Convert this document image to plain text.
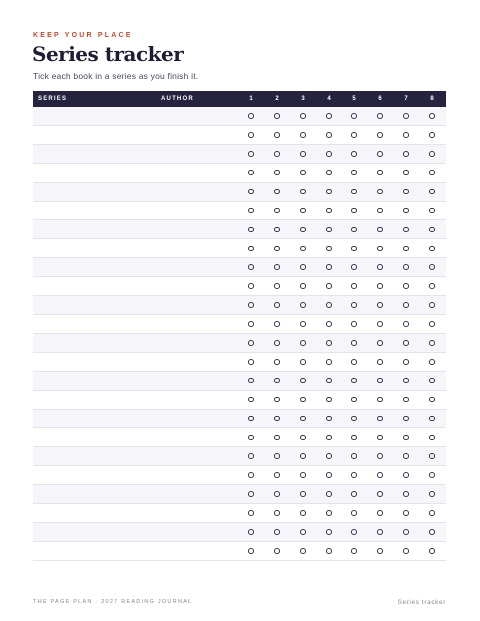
KEEP YOUR PLACE
Series tracker
Tick each book in a series as you finish it.
SERIES	AUTHOR	1	2	3	4	5	6	7	8
THE PAGE PLAN · 2027 READING JOURNAL	Series tracker
